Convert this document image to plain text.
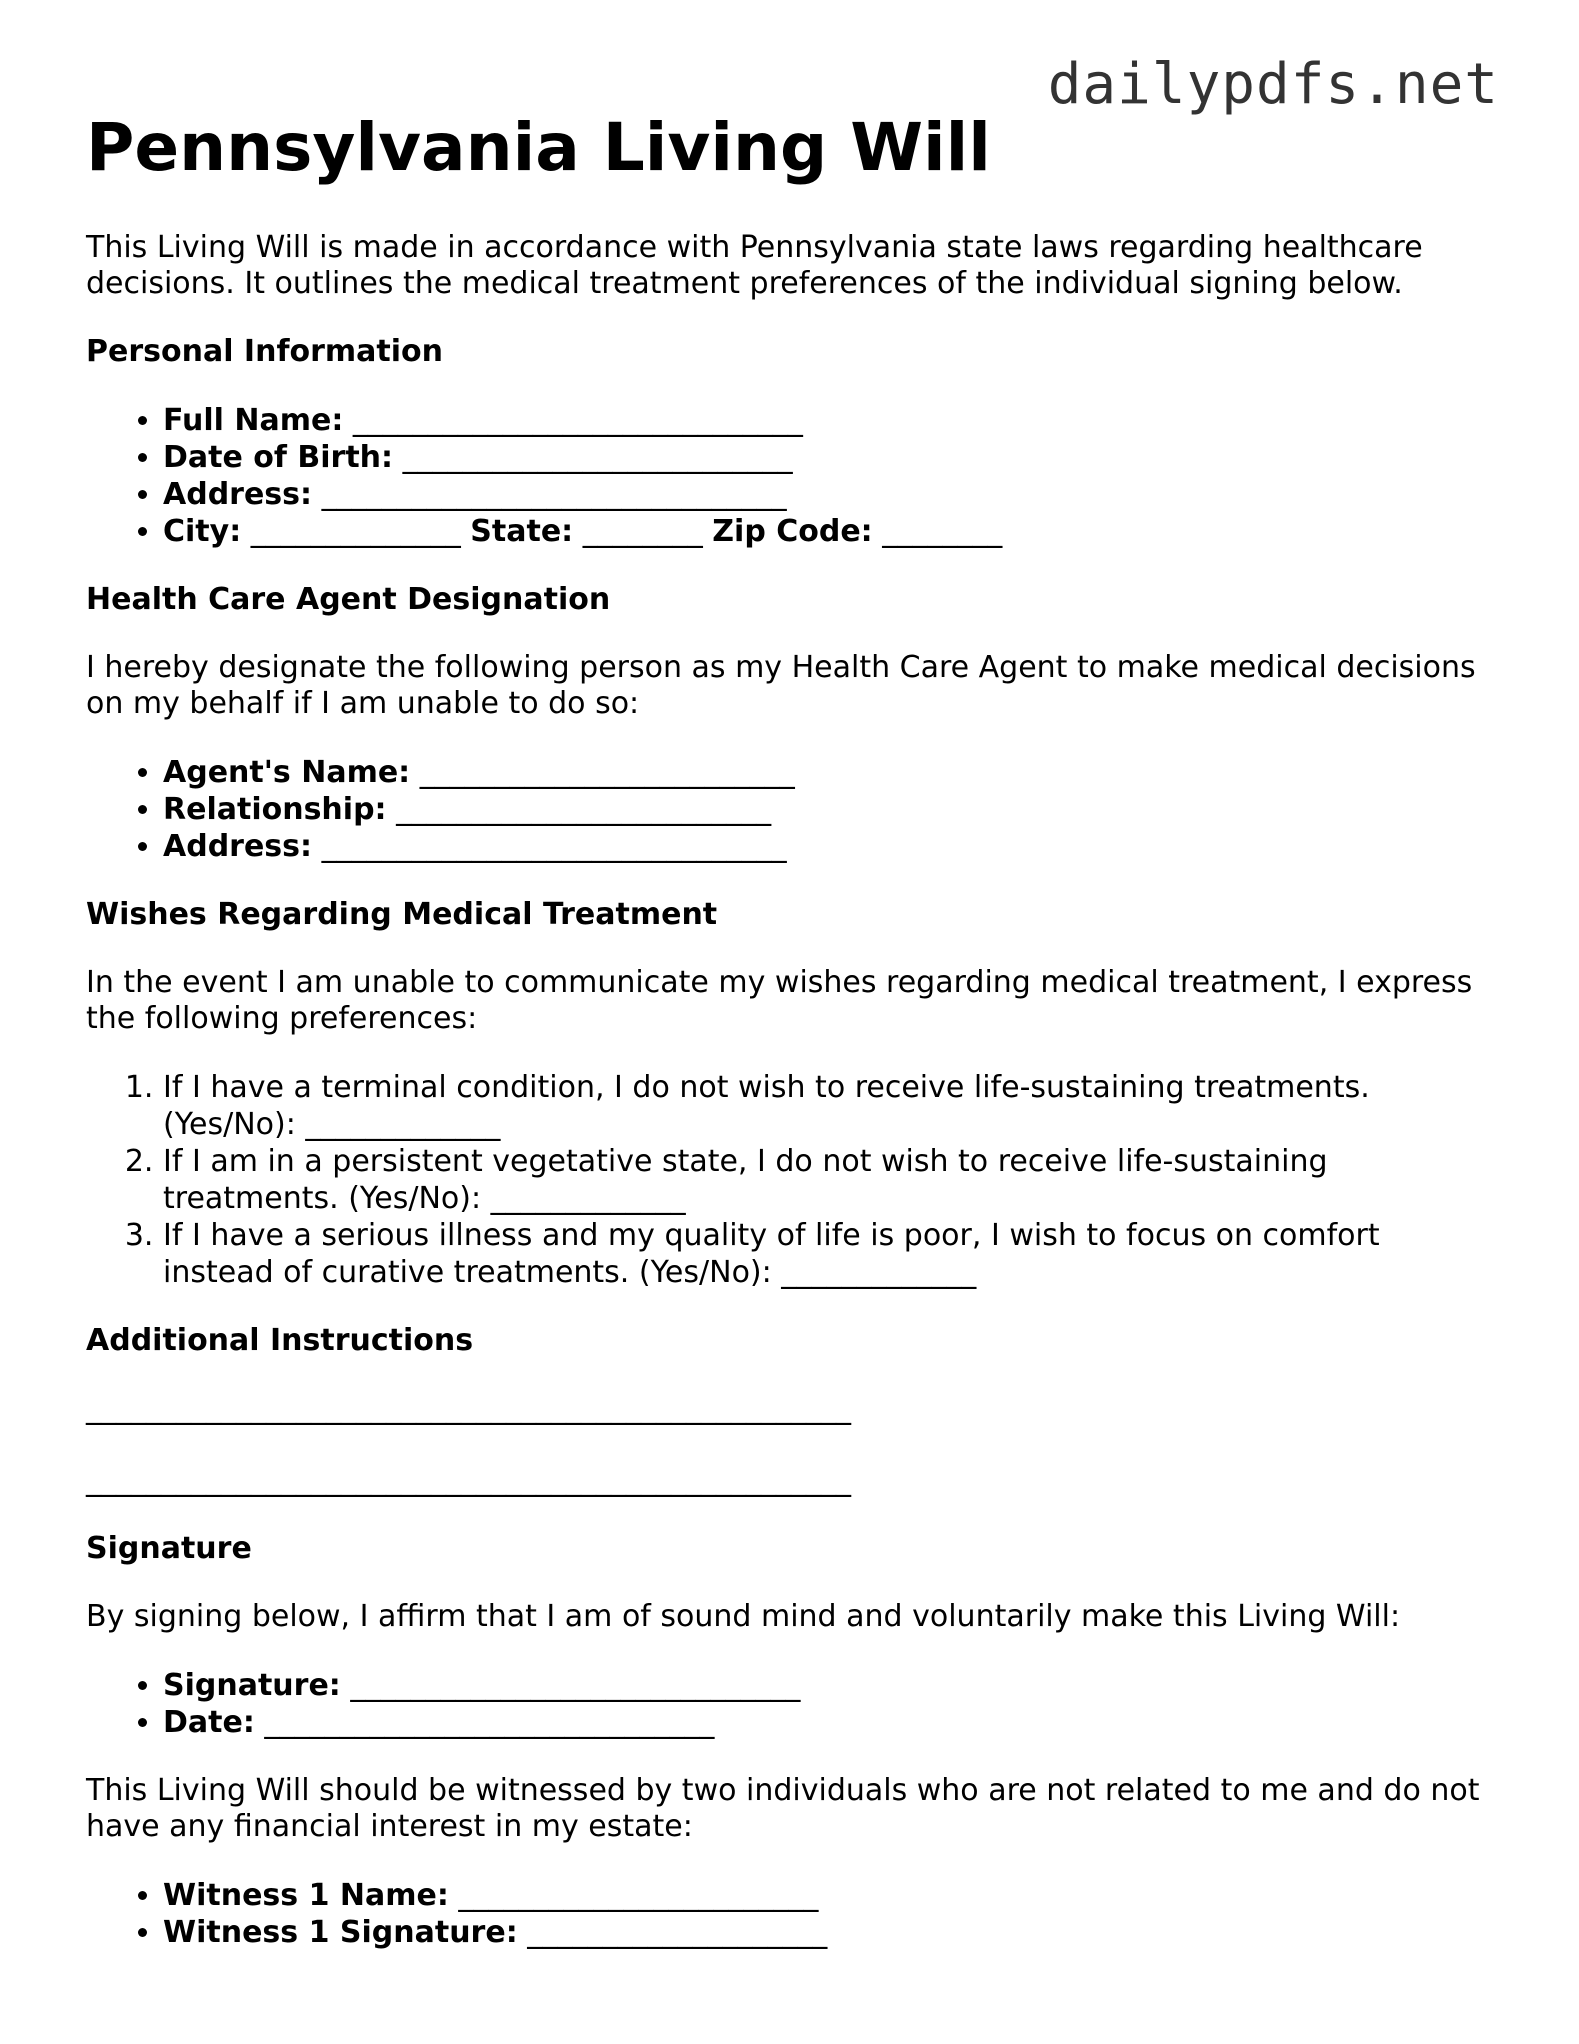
dailypdfs.net
Pennsylvania Living Will

This Living Will is made in accordance with Pennsylvania state laws regarding healthcare decisions. It outlines the medical treatment preferences of the individual signing below.

Personal Information
• Full Name: ______________________________
• Date of Birth: __________________________
• Address: _______________________________
• City: ______________ State: ________ Zip Code: ________
Health Care Agent Designation

I hereby designate the following person as my Health Care Agent to make medical decisions on my behalf if I am unable to do so:

• Agent's Name: _________________________
• Relationship: _________________________
• Address: _______________________________
Wishes Regarding Medical Treatment

In the event I am unable to communicate my wishes regarding medical treatment, I express the following preferences:

1. If I have a terminal condition, I do not wish to receive life-sustaining treatments. (Yes/No): _____________
2. If I am in a persistent vegetative state, I do not wish to receive life-sustaining treatments. (Yes/No): _____________
3. If I have a serious illness and my quality of life is poor, I wish to focus on comfort instead of curative treatments. (Yes/No): _____________
Additional Instructions
___________________________________________________
___________________________________________________
Signature

By signing below, I affirm that I am of sound mind and voluntarily make this Living Will:

• Signature: ______________________________
• Date: ______________________________

This Living Will should be witnessed by two individuals who are not related to me and do not have any financial interest in my estate:

• Witness 1 Name: ________________________
• Witness 1 Signature: ____________________
